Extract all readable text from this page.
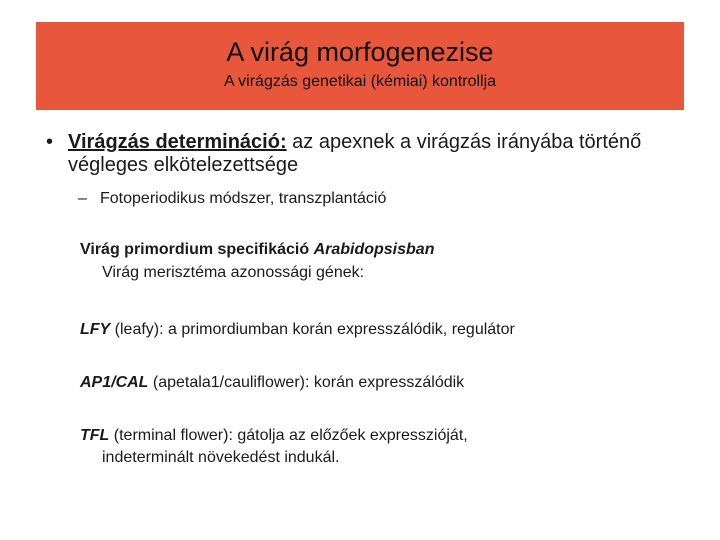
A virág morfogenezise
A virágzás genetikai (kémiai) kontrollja
• Virágzás determináció: az apexnek a virágzás irányába történő végleges elkötelezettsége
– Fotoperiodikus módszer, transzplantáció
Virág primordium specifikáció Arabidopsisban
Virág merisztéma azonossági gének:
LFY (leafy): a primordiumban korán expresszálódik, regulátor
AP1/CAL (apetala1/cauliflower): korán expresszálódik
TFL (terminal flower): gátolja az előzőek expresszióját,
indeterminált növekedést indukál.
